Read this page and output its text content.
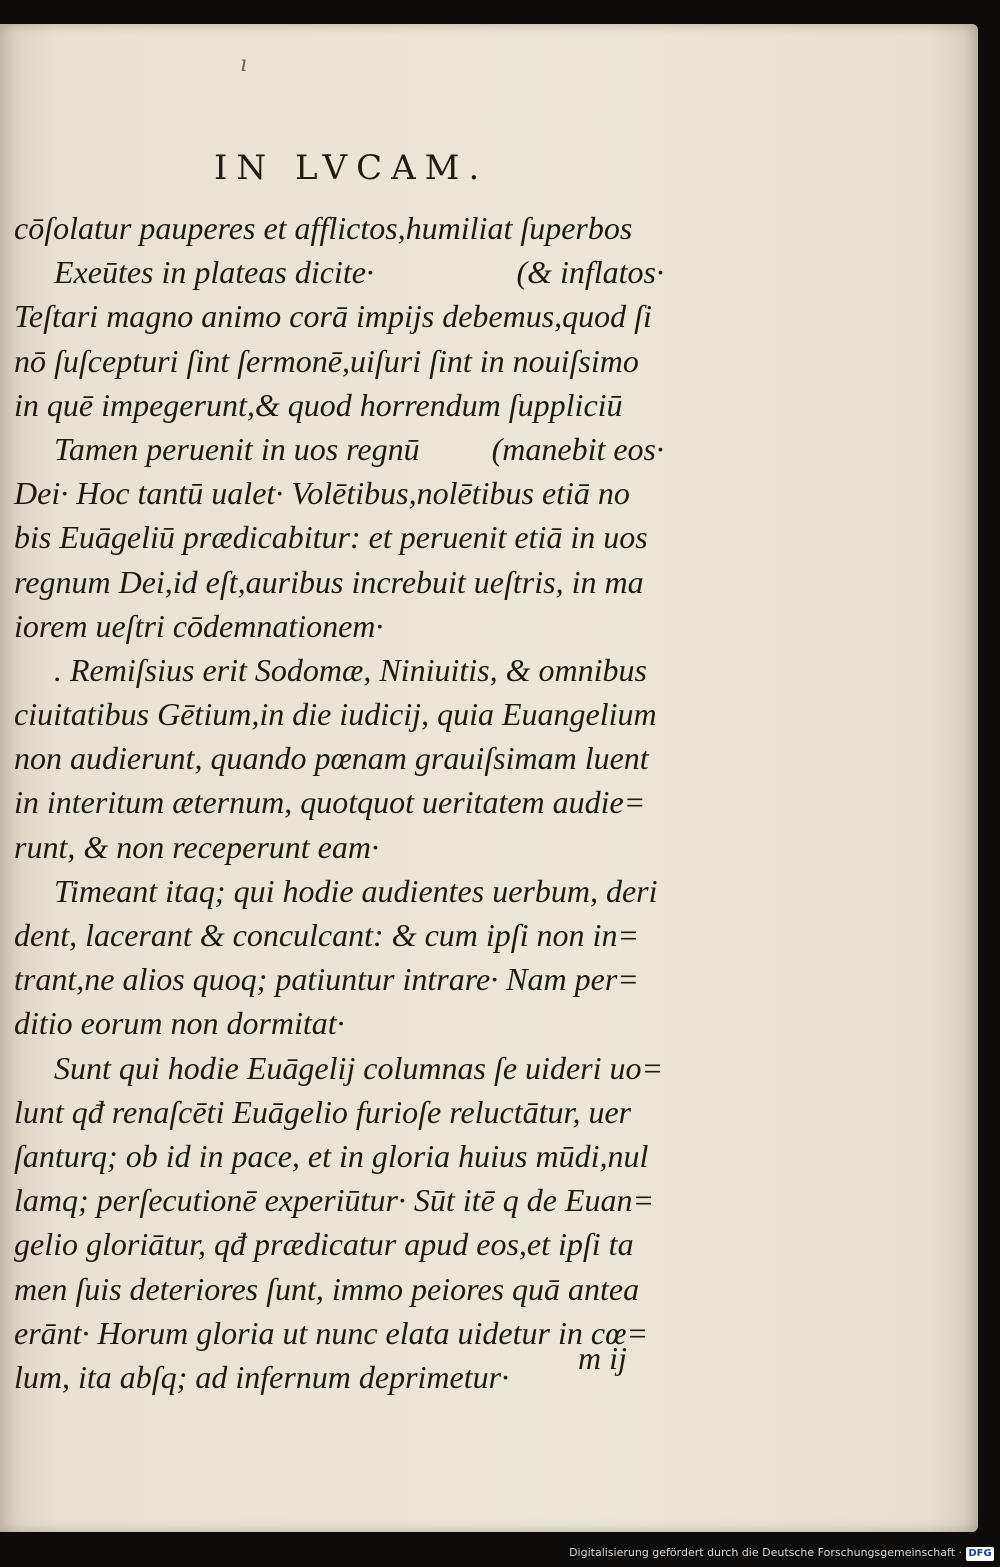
ı
IN LVCAM.
cōſolatur pauperes et afflictos,humiliat ſuperbos
Exeūtes in plateas dicite·	(& inflatos·
Teſtari magno animo corā impijs debemus,quod ſi
nō ſuſcepturi ſint ſermonē,uiſuri ſint in nouiſsimo
in quē impegerunt,& quod horrendum ſuppliciū
Tamen peruenit in uos regnū (manebit eos·
Dei· Hoc tantū ualet· Volētibus,nolētibus etiā no
bis Euāgeliū prædicabitur: et peruenit etiā in uos
regnum Dei,id eſt,auribus increbuit ueſtris, in ma
iorem ueſtri cōdemnationem·
. Remiſsius erit Sodomæ, Niniuitis, & omnibus
ciuitatibus Gētium,in die iudicij, quia Euangelium
non audierunt, quando pœnam grauiſsimam luent
in interitum æternum, quotquot ueritatem audie=
runt, & non receperunt eam·
Timeant itaq; qui hodie audientes uerbum, deri
dent, lacerant & conculcant: & cum ipſi non in=
trant,ne alios quoq; patiuntur intrare· Nam per=
ditio eorum non dormitat·
Sunt qui hodie Euāgelij columnas ſe uideri uo=
lunt qđ renaſcēti Euāgelio furioſe reluctātur, uer
ſanturq; ob id in pace, et in gloria huius mūdi,nul
lamq; perſecutionē experiūtur· Sūt itē q de Euan=
gelio gloriātur, qđ prædicatur apud eos,et ipſi ta
men ſuis deteriores ſunt, immo peiores quā antea
erānt· Horum gloria ut nunc elata uidetur in cœ=
lum, ita abſq; ad infernum deprimetur·
m ij
Digitalisierung gefördert durch die Deutsche Forschungsgemeinschaft · DFG
